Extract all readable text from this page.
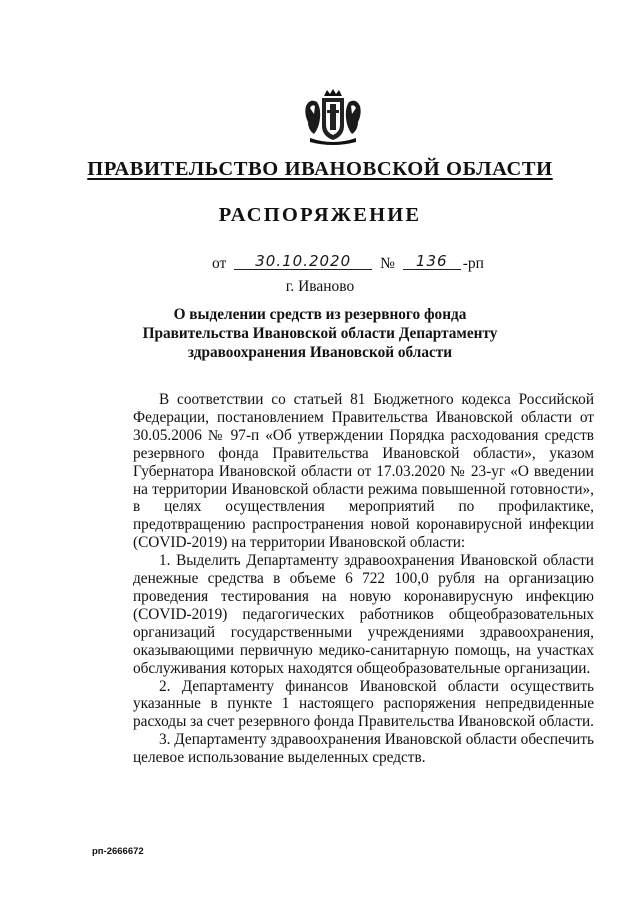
ПРАВИТЕЛЬСТВО ИВАНОВСКОЙ ОБЛАСТИ
РАСПОРЯЖЕНИЕ
от 30.10.2020 № 136 -рп
г. Иваново
О выделении средств из резервного фонда
Правительства Ивановской области Департаменту
здравоохранения Ивановской области

В соответствии со статьей 81 Бюджетного кодекса Российской Федерации, постановлением Правительства Ивановской области от 30.05.2006 № 97-п «Об утверждении Порядка расходования средств резервного фонда Правительства Ивановской области», указом Губернатора Ивановской области от 17.03.2020 № 23-уг «О введении на территории Ивановской области режима повышенной готовности», в целях осуществления мероприятий по профилактике, предотвращению распространения новой коронавирусной инфекции (COVID-2019) на территории Ивановской области:

1. Выделить Департаменту здравоохранения Ивановской области денежные средства в объеме 6 722 100,0 рубля на организацию проведения тестирования на новую коронавирусную инфекцию (COVID-2019) педагогических работников общеобразовательных организаций государственными учреждениями здравоохранения, оказывающими первичную медико-санитарную помощь, на участках обслуживания которых находятся общеобразовательные организации.

2. Департаменту финансов Ивановской области осуществить указанные в пункте 1 настоящего распоряжения непредвиденные расходы за счет резервного фонда Правительства Ивановской области.

3. Департаменту здравоохранения Ивановской области обеспечить целевое использование выделенных средств.

рп-2666672
